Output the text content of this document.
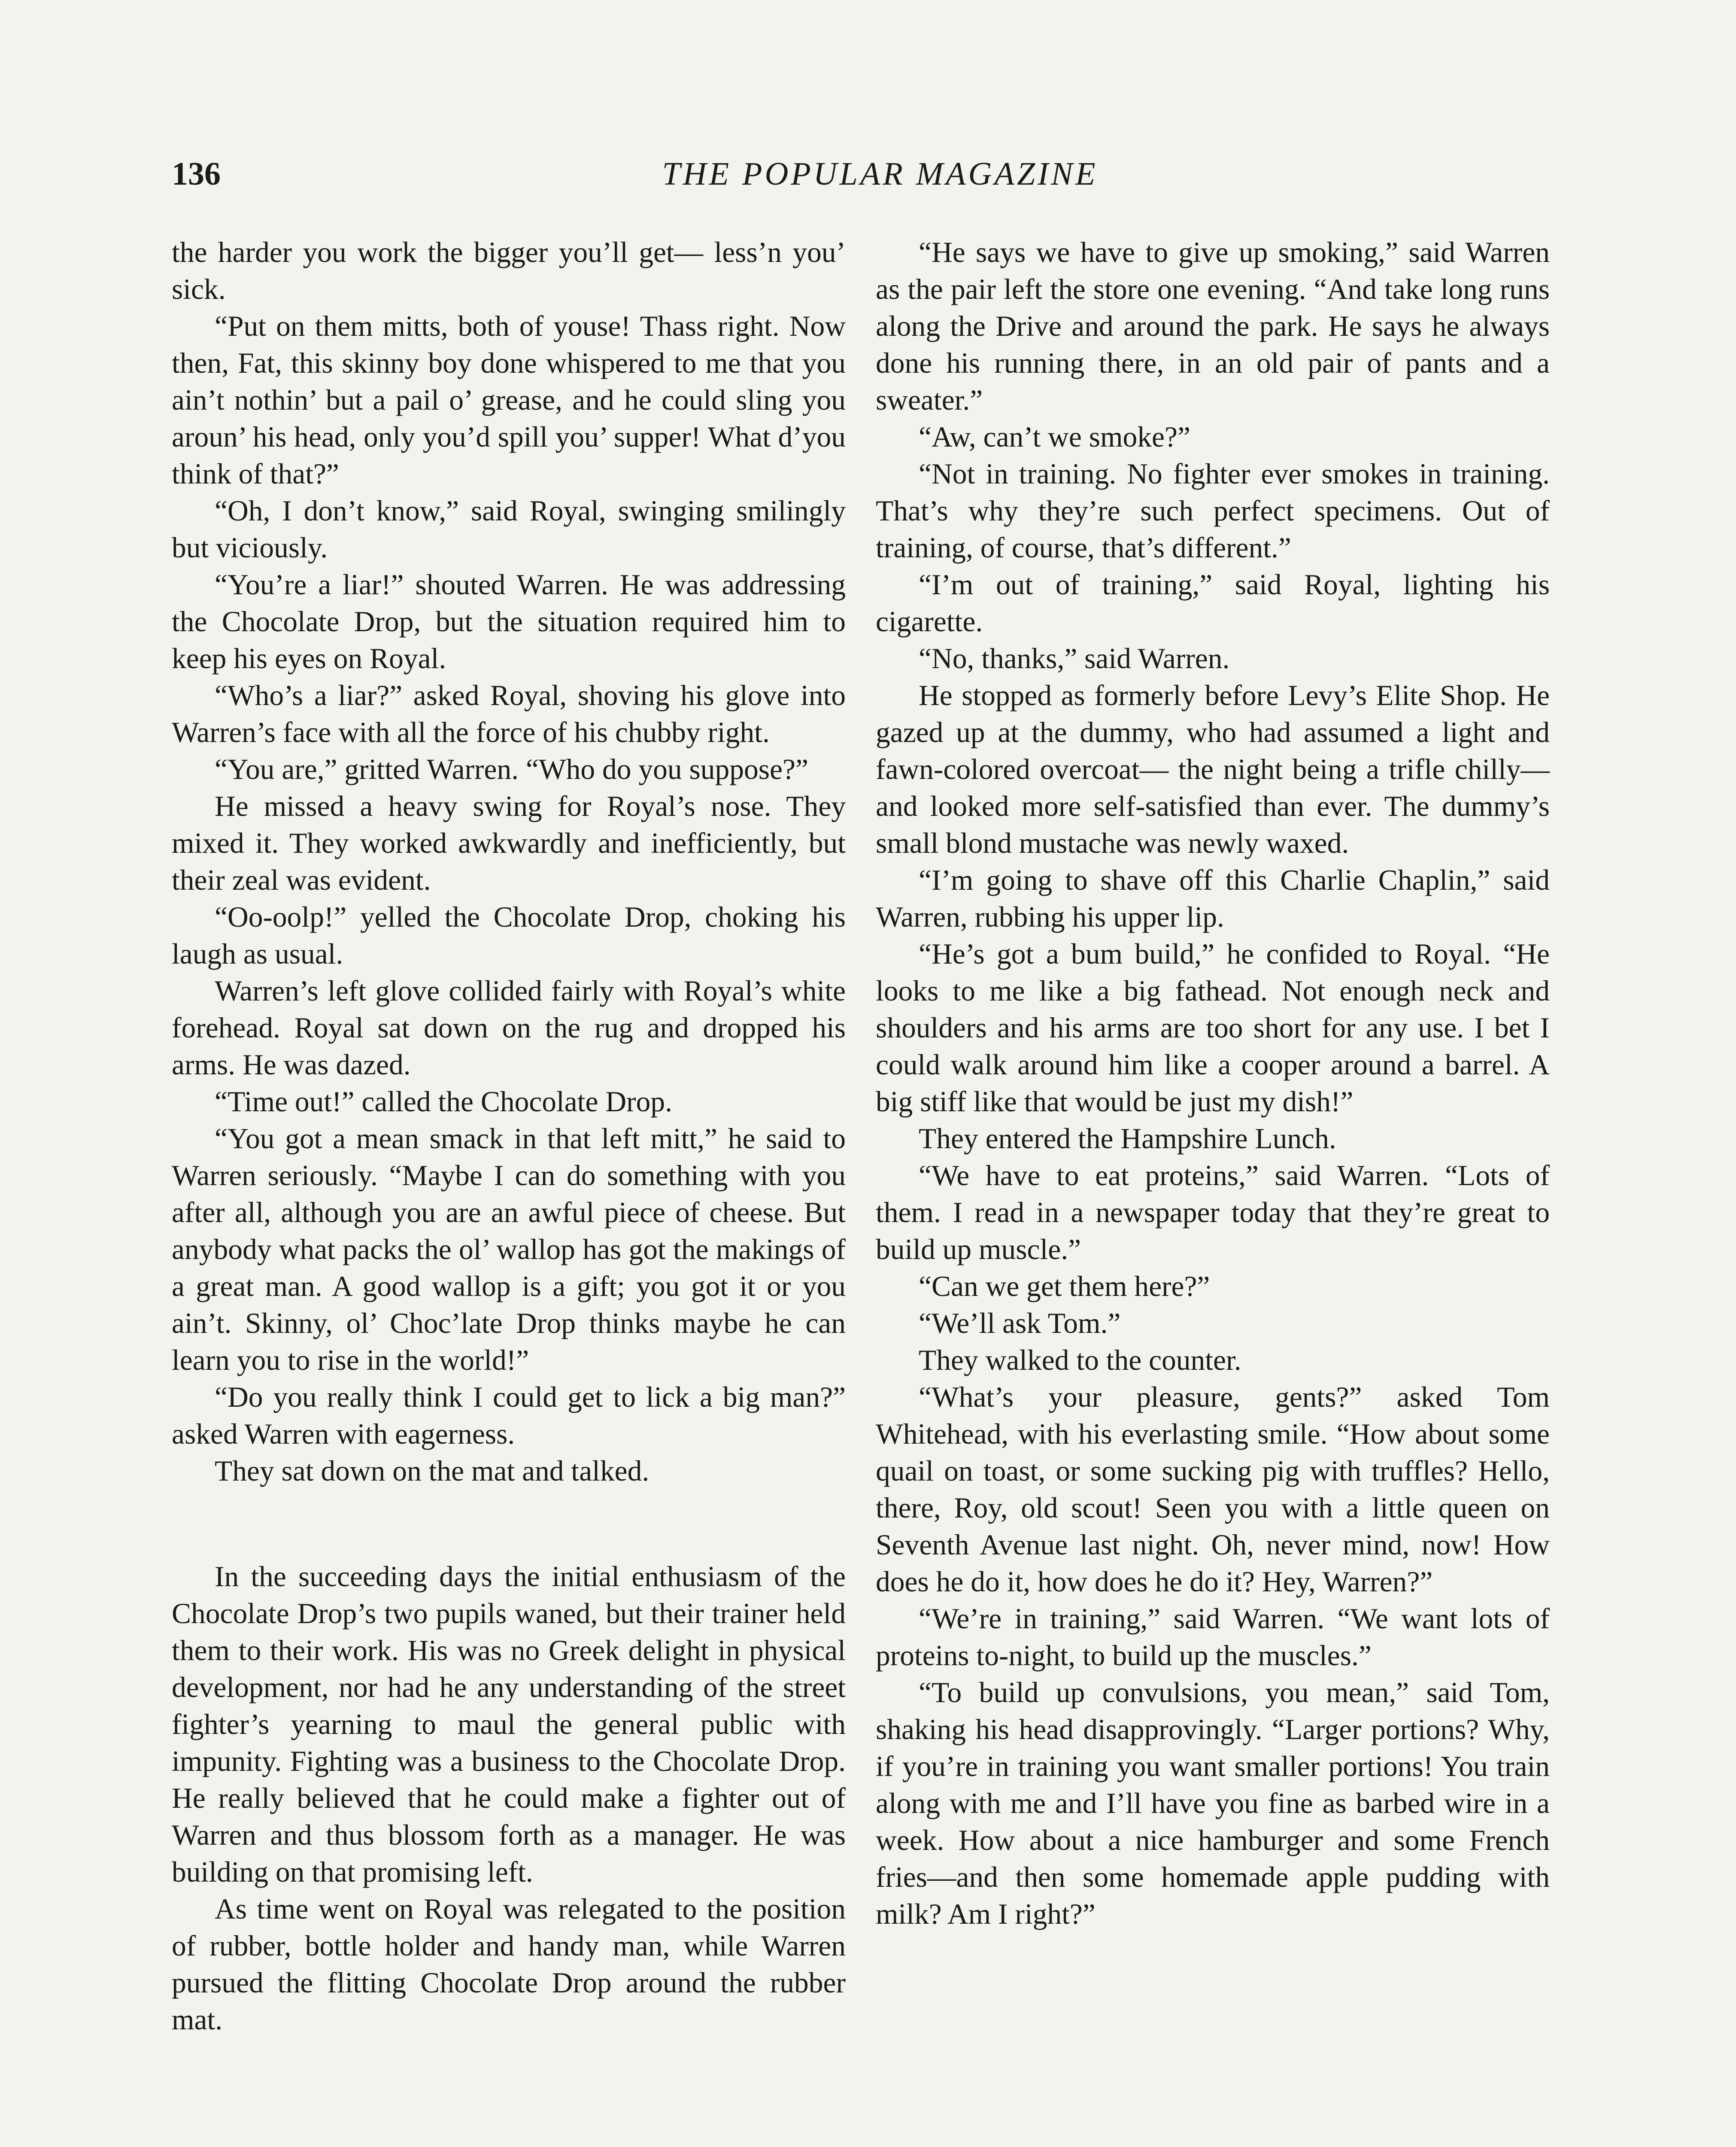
136	THE POPULAR MAGAZINE

the harder you work the bigger you’ll get— less’n you’ sick.

“Put on them mitts, both of youse! Thass right. Now then, Fat, this skinny boy done whispered to me that you ain’t nothin’ but a pail o’ grease, and he could sling you aroun’ his head, only you’d spill you’ supper! What d’you think of that?”

“Oh, I don’t know,” said Royal, swinging smilingly but viciously.

“You’re a liar!” shouted Warren. He was addressing the Chocolate Drop, but the situation required him to keep his eyes on Royal.

“Who’s a liar?” asked Royal, shoving his glove into Warren’s face with all the force of his chubby right.

“You are,” gritted Warren. “Who do you suppose?”

He missed a heavy swing for Royal’s nose. They mixed it. They worked awkwardly and inefficiently, but their zeal was evident.

“Oo-oolp!” yelled the Chocolate Drop, choking his laugh as usual.

Warren’s left glove collided fairly with Royal’s white forehead. Royal sat down on the rug and dropped his arms. He was dazed.

“Time out!” called the Chocolate Drop.

“You got a mean smack in that left mitt,” he said to Warren seriously. “Maybe I can do something with you after all, although you are an awful piece of cheese. But anybody what packs the ol’ wallop has got the makings of a great man. A good wallop is a gift; you got it or you ain’t. Skinny, ol’ Choc’late Drop thinks maybe he can learn you to rise in the world!”

“Do you really think I could get to lick a big man?” asked Warren with eagerness.

They sat down on the mat and talked.

In the succeeding days the initial enthusiasm of the Chocolate Drop’s two pupils waned, but their trainer held them to their work. His was no Greek delight in physical development, nor had he any understanding of the street fighter’s yearning to maul the general public with impunity. Fighting was a business to the Chocolate Drop. He really believed that he could make a fighter out of Warren and thus blossom forth as a manager. He was building on that promising left.

As time went on Royal was relegated to the position of rubber, bottle holder and handy man, while Warren pursued the flitting Chocolate Drop around the rubber mat.

“He says we have to give up smoking,” said Warren as the pair left the store one evening. “And take long runs along the Drive and around the park. He says he always done his running there, in an old pair of pants and a sweater.”

“Aw, can’t we smoke?”

“Not in training. No fighter ever smokes in training. That’s why they’re such perfect specimens. Out of training, of course, that’s different.”

“I’m out of training,” said Royal, lighting his cigarette.

“No, thanks,” said Warren.

He stopped as formerly before Levy’s Elite Shop. He gazed up at the dummy, who had assumed a light and fawn-colored overcoat— the night being a trifle chilly—and looked more self-satisfied than ever. The dummy’s small blond mustache was newly waxed.

“I’m going to shave off this Charlie Chaplin,” said Warren, rubbing his upper lip.

“He’s got a bum build,” he confided to Royal. “He looks to me like a big fathead. Not enough neck and shoulders and his arms are too short for any use. I bet I could walk around him like a cooper around a barrel. A big stiff like that would be just my dish!”

They entered the Hampshire Lunch.

“We have to eat proteins,” said Warren. “Lots of them. I read in a newspaper today that they’re great to build up muscle.”

“Can we get them here?”

“We’ll ask Tom.”

They walked to the counter.

“What’s your pleasure, gents?” asked Tom Whitehead, with his everlasting smile. “How about some quail on toast, or some sucking pig with truffles? Hello, there, Roy, old scout! Seen you with a little queen on Seventh Avenue last night. Oh, never mind, now! How does he do it, how does he do it? Hey, Warren?”

“We’re in training,” said Warren. “We want lots of proteins to-night, to build up the muscles.”

“To build up convulsions, you mean,” said Tom, shaking his head disapprovingly. “Larger portions? Why, if you’re in training you want smaller portions! You train along with me and I’ll have you fine as barbed wire in a week. How about a nice hamburger and some French fries—and then some homemade apple pudding with milk? Am I right?”
